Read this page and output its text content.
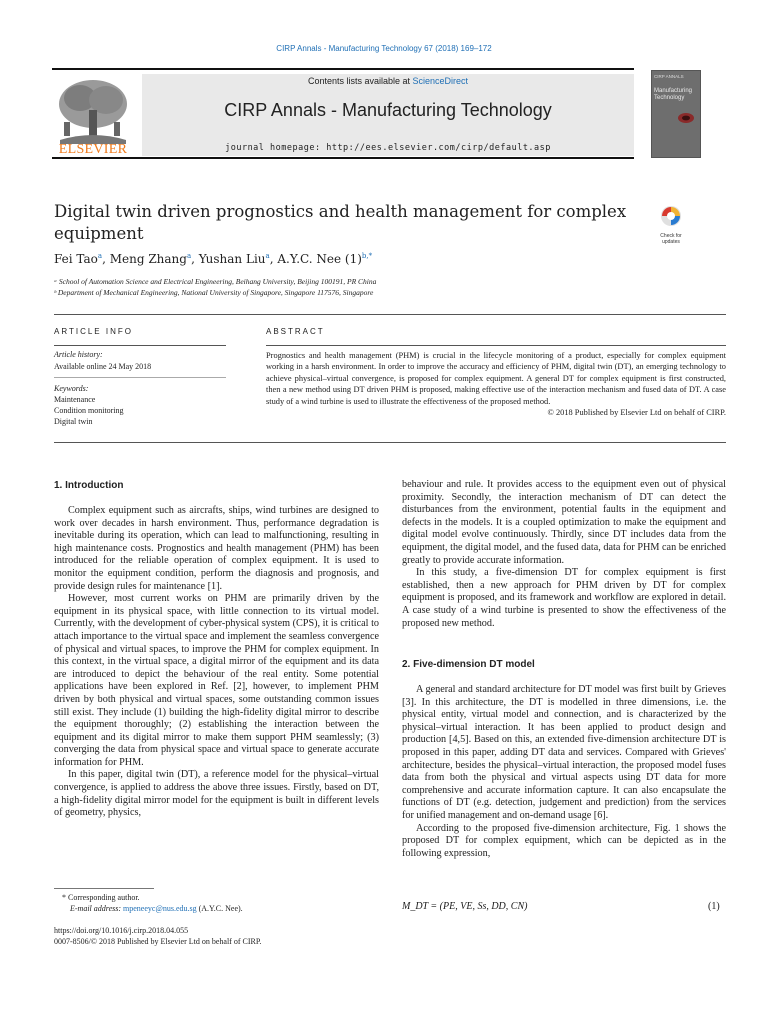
CIRP Annals - Manufacturing Technology 67 (2018) 169–172
ELSEVIER
Contents lists available at ScienceDirect
CIRP Annals - Manufacturing Technology
journal homepage: http://ees.elsevier.com/cirp/default.asp
CIRP ANNALS
Manufacturing Technology
Digital twin driven prognostics and health management for complex equipment	Check for updates
Fei Tao$^a$, Meng Zhang$^a$, Yushan Liu$^a$, A.Y.C. Nee $(1)^{b,*}$
ᵃ School of Automation Science and Electrical Engineering, Beihang University, Beijing 100191, PR China
ᵇ Department of Mechanical Engineering, National University of Singapore, Singapore 117576, Singapore
ARTICLE INFO	ABSTRACT
Article history:
Available online 24 May 2018
Keywords:
Maintenance
Condition monitoring
Digital twin
Prognostics and health management (PHM) is crucial in the lifecycle monitoring of a product, especially for complex equipment working in a harsh environment. In order to improve the accuracy and efficiency of PHM, digital twin (DT), an emerging technology to achieve physical–virtual convergence, is proposed for complex equipment. A general DT for complex equipment is first constructed, then a new method using DT driven PHM is proposed, making effective use of the interaction mechanism and fused data of DT. A case study of a wind turbine is used to illustrate the effectiveness of the proposed method.
© 2018 Published by Elsevier Ltd on behalf of CIRP.
1. Introduction

Complex equipment such as aircrafts, ships, wind turbines are designed to work over decades in harsh environment. Thus, performance degradation is inevitable during its operation, which can lead to malfunctioning, resulting in high maintenance costs. Prognostics and health management (PHM) has been introduced for the reliable operation of complex equipment. It is used to monitor the equipment condition, perform the diagnosis and prognosis, and provide design rules for maintenance [1].

However, most current works on PHM are primarily driven by the equipment in its physical space, with little connection to its virtual model. Currently, with the development of cyber-physical system (CPS), it is critical to attach importance to the virtual space and implement the seamless convergence of physical and virtual spaces, to improve the PHM for complex equipment. In this context, in the virtual space, a digital mirror of the equipment and its data are introduced to depict the behaviour of the real entity. Some potential applications have been explored in Ref. [2], however, to implement PHM driven by both physical and virtual spaces, some outstanding common issues still exist. They include (1) building the high-fidelity digital mirror to describe the equipment thoroughly; (2) establishing the interaction between the equipment and its digital mirror to make them support PHM seamlessly; (3) converging the data from physical space and virtual space to generate accurate information for PHM.

In this paper, digital twin (DT), a reference model for the physical–virtual convergence, is applied to address the above three issues. Firstly, based on DT, a high-fidelity digital mirror model for the equipment is built in different levels of geometry, physics,

behaviour and rule. It provides access to the equipment even out of physical proximity. Secondly, the interaction mechanism of DT can detect the disturbances from the environment, potential faults in the equipment and defects in the models. It is a coupled optimization to make the equipment and digital model evolve continuously. Thirdly, since DT includes data from the equipment, the digital model, and the fused data, data for PHM can be enriched greatly to provide accurate information.

In this study, a five-dimension DT for complex equipment is first established, then a new approach for PHM driven by DT for complex equipment is proposed, and its framework and workflow are explored in detail. A case study of a wind turbine is presented to show the effectiveness of the proposed new method.

2. Five-dimension DT model

A general and standard architecture for DT model was first built by Grieves [3]. In this architecture, the DT is modelled in three dimensions, i.e. the physical entity, virtual model and connection, and is characterized by the physical–virtual interaction. It has been applied to product design and production [4,5]. Based on this, an extended five-dimension architecture DT is proposed in this paper, adding DT data and services. Compared with Grieves' architecture, besides the physical–virtual interaction, the proposed model fuses data from both the physical and virtual aspects using DT data for more comprehensive and accurate information capture. It can also encapsulate the functions of DT (e.g. detection, judgement and prediction) from the services for unified management and on-demand usage [6].

According to the proposed five-dimension architecture, Fig. 1 shows the proposed DT for complex equipment, which can be depicted as in the following expression,

M_DT = (PE, VE, Ss, DD, CN)	(1)
* Corresponding author.
E-mail address: mpeneeyc@nus.edu.sg (A.Y.C. Nee).
https://doi.org/10.1016/j.cirp.2018.04.055
0007-8506/© 2018 Published by Elsevier Ltd on behalf of CIRP.
